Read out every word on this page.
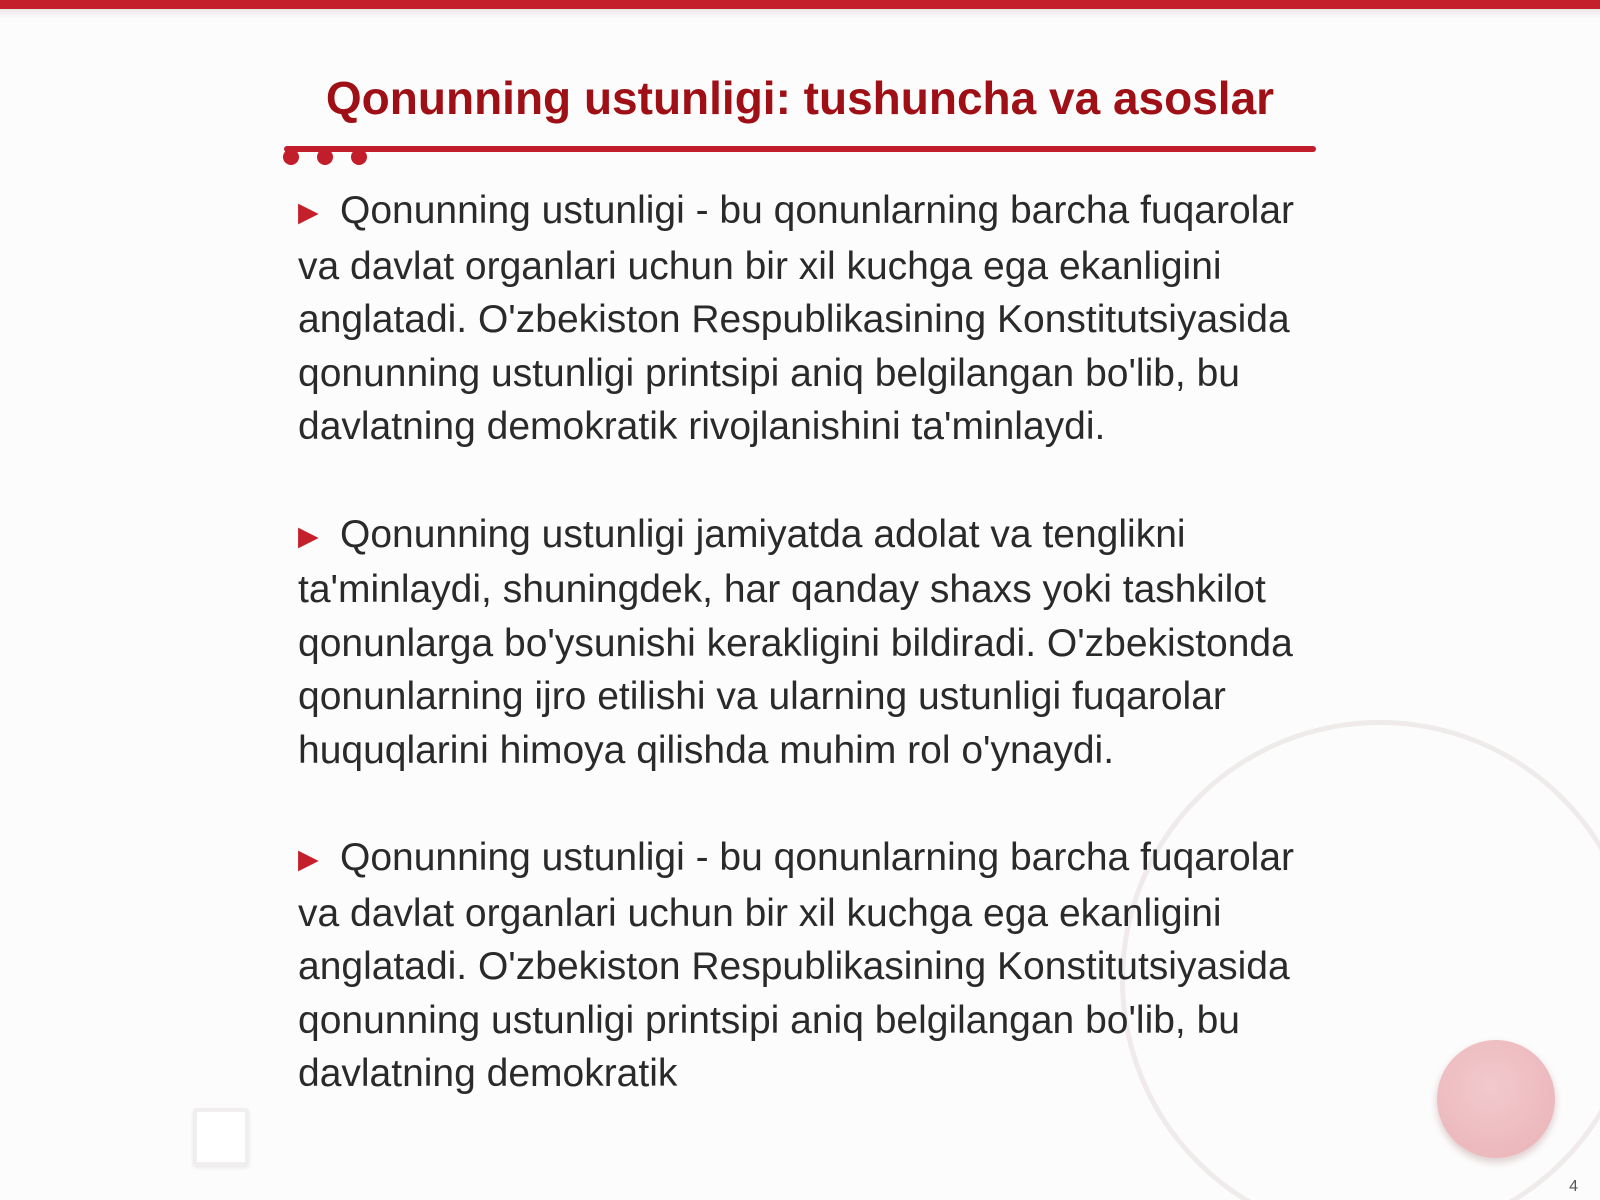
Qonunning ustunligi: tushuncha va asoslar

▶ Qonunning ustunligi - bu qonunlarning barcha fuqarolar va davlat organlari uchun bir xil kuchga ega ekanligini anglatadi. O'zbekiston Respublikasining Konstitutsiyasida qonunning ustunligi printsipi aniq belgilangan bo'lib, bu davlatning demokratik rivojlanishini ta'minlaydi.

▶ Qonunning ustunligi jamiyatda adolat va tenglikni ta'minlaydi, shuningdek, har qanday shaxs yoki tashkilot qonunlarga bo'ysunishi kerakligini bildiradi. O'zbekistonda qonunlarning ijro etilishi va ularning ustunligi fuqarolar huquqlarini himoya qilishda muhim rol o'ynaydi.

▶ Qonunning ustunligi - bu qonunlarning barcha fuqarolar va davlat organlari uchun bir xil kuchga ega ekanligini anglatadi. O'zbekiston Respublikasining Konstitutsiyasida qonunning ustunligi printsipi aniq belgilangan bo'lib, bu davlatning demokratik

4
